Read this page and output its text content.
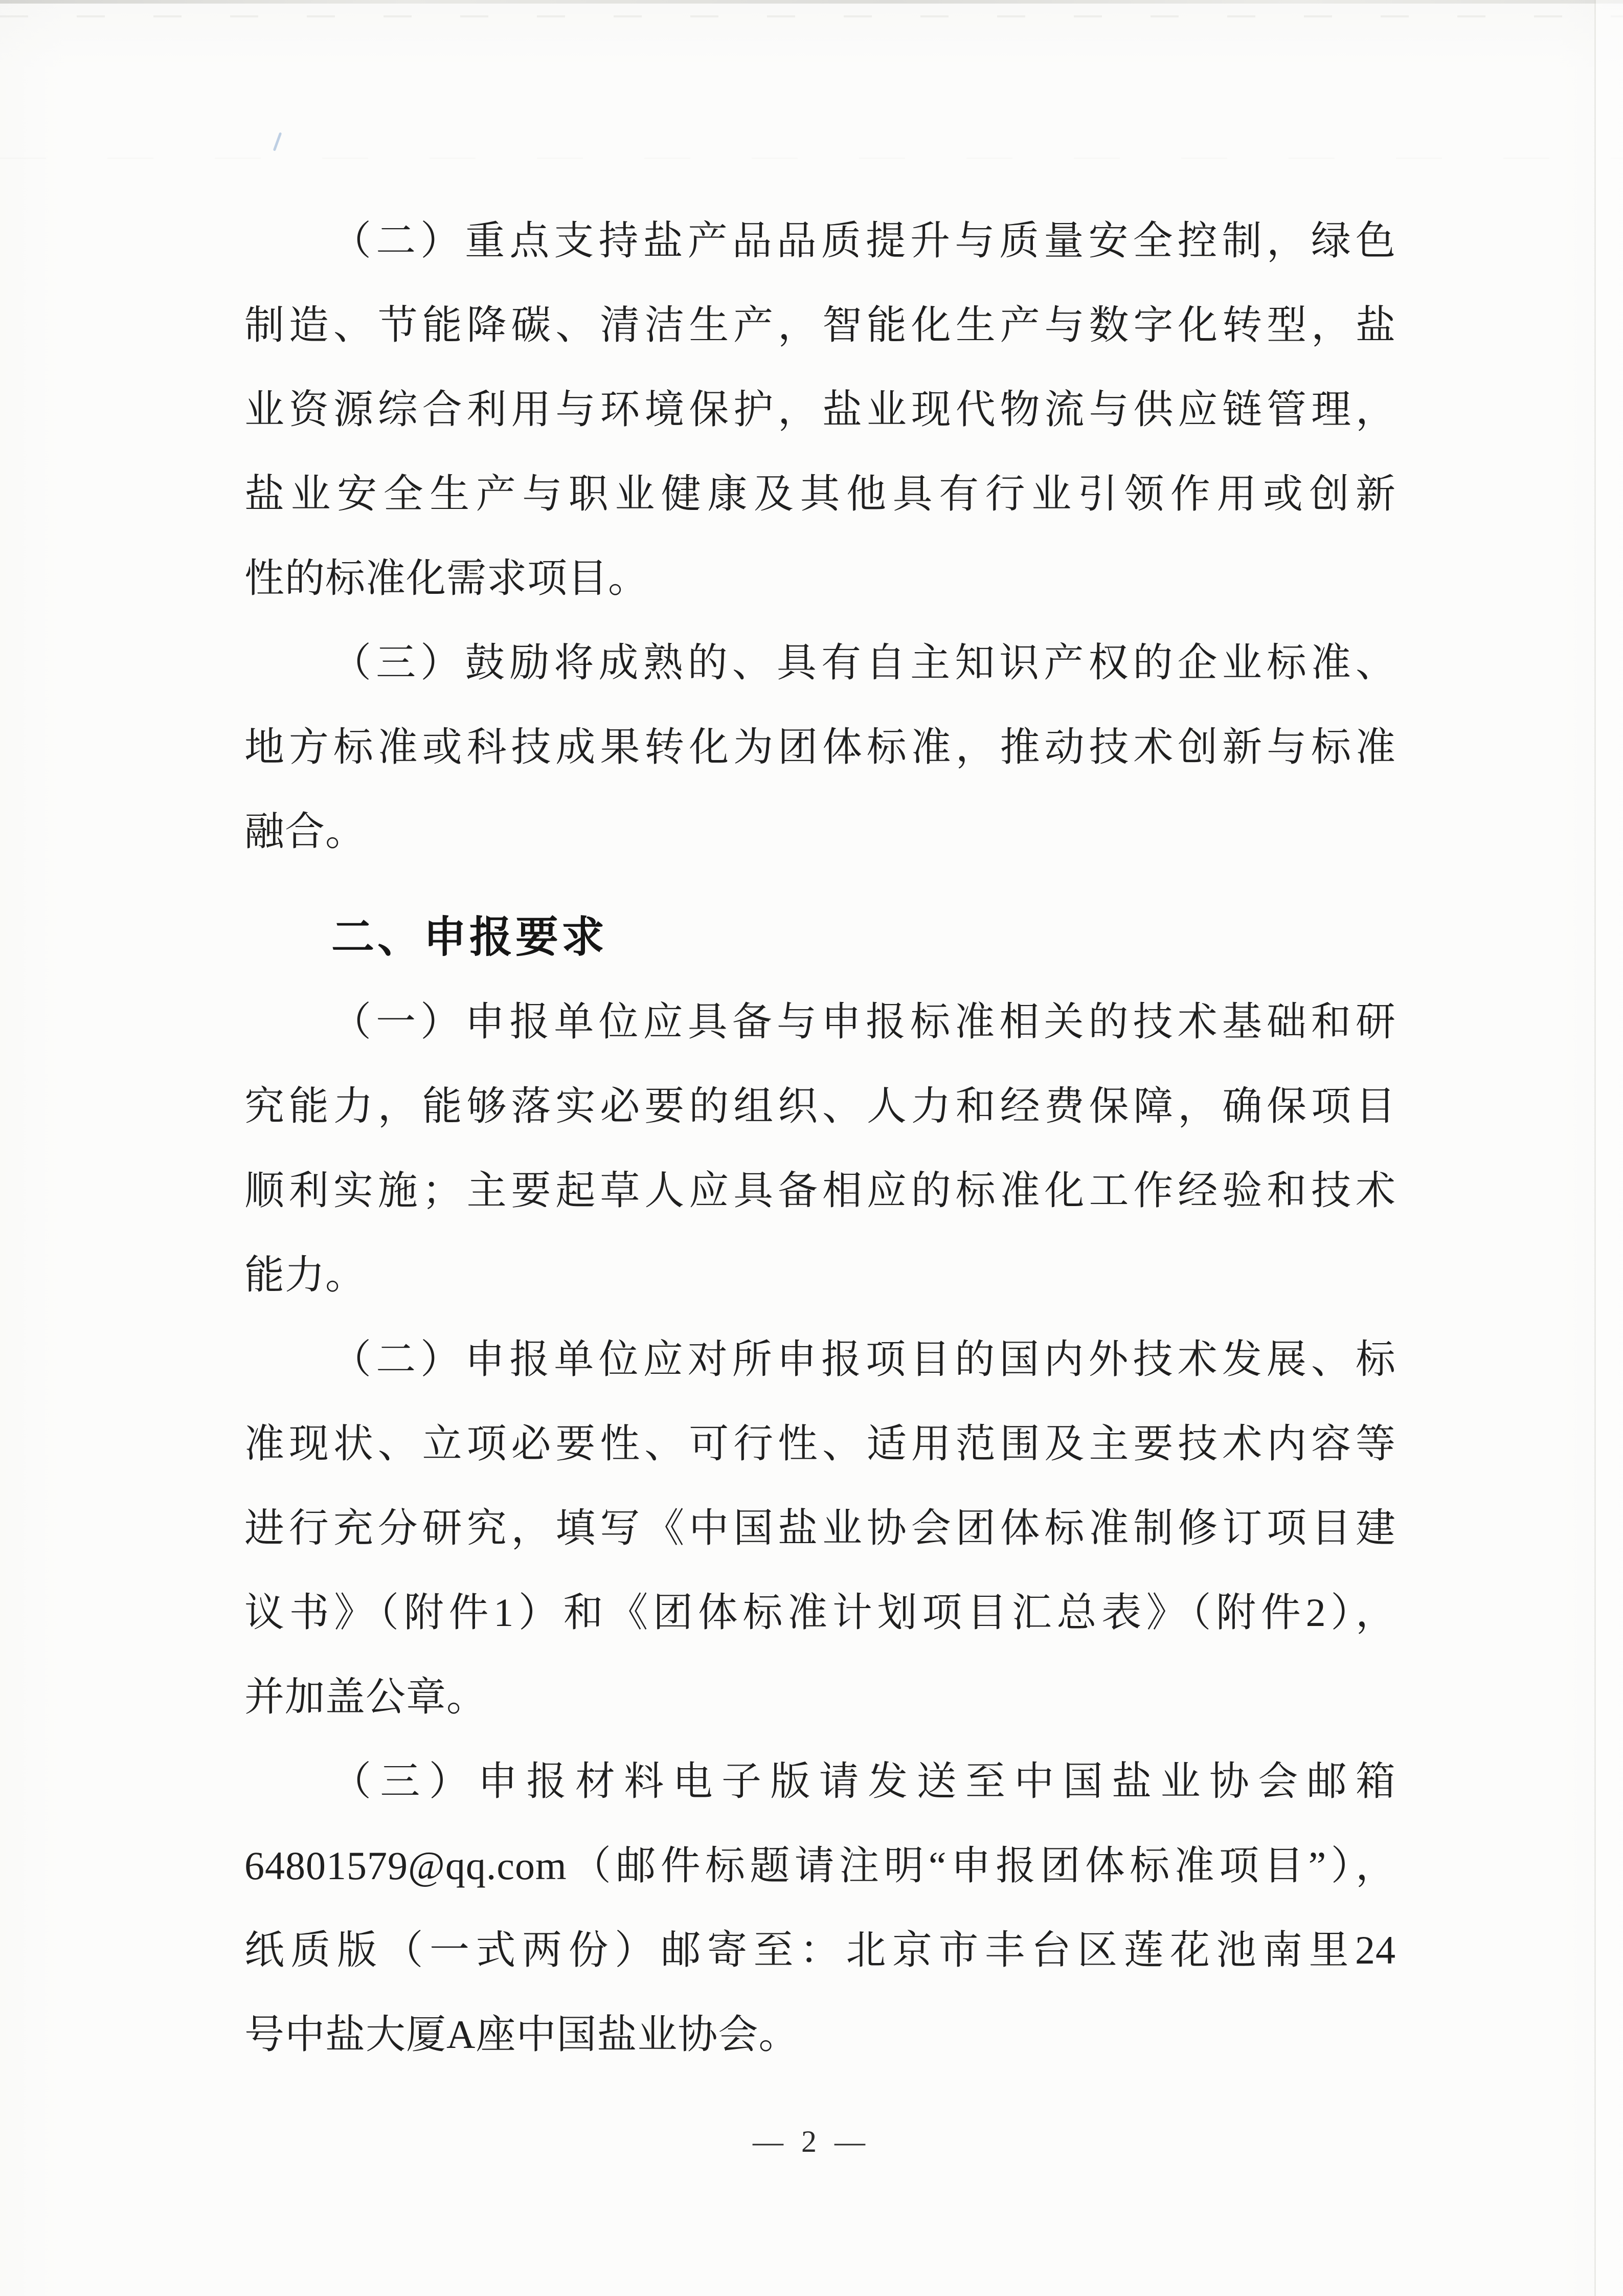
（二）重点支持盐产品品质提升与质量安全控制，绿色
制造、节能降碳、清洁生产，智能化生产与数字化转型，盐
业资源综合利用与环境保护，盐业现代物流与供应链管理，
盐业安全生产与职业健康及其他具有行业引领作用或创新
性的标准化需求项目。
（三）鼓励将成熟的、具有自主知识产权的企业标准、
地方标准或科技成果转化为团体标准，推动技术创新与标准
融合。
二、申报要求
（一）申报单位应具备与申报标准相关的技术基础和研
究能力，能够落实必要的组织、人力和经费保障，确保项目
顺利实施；主要起草人应具备相应的标准化工作经验和技术
能力。
（二）申报单位应对所申报项目的国内外技术发展、标
准现状、立项必要性、可行性、适用范围及主要技术内容等
进行充分研究，填写《中国盐业协会团体标准制修订项目建
议书》（附件1）和《团体标准计划项目汇总表》（附件2），
并加盖公章。
（三）申报材料电子版请发送至中国盐业协会邮箱
64801579@qq.com（邮件标题请注明“申报团体标准项目”），
纸质版（一式两份）邮寄至：北京市丰台区莲花池南里24
号中盐大厦A座中国盐业协会。
— 2 —
